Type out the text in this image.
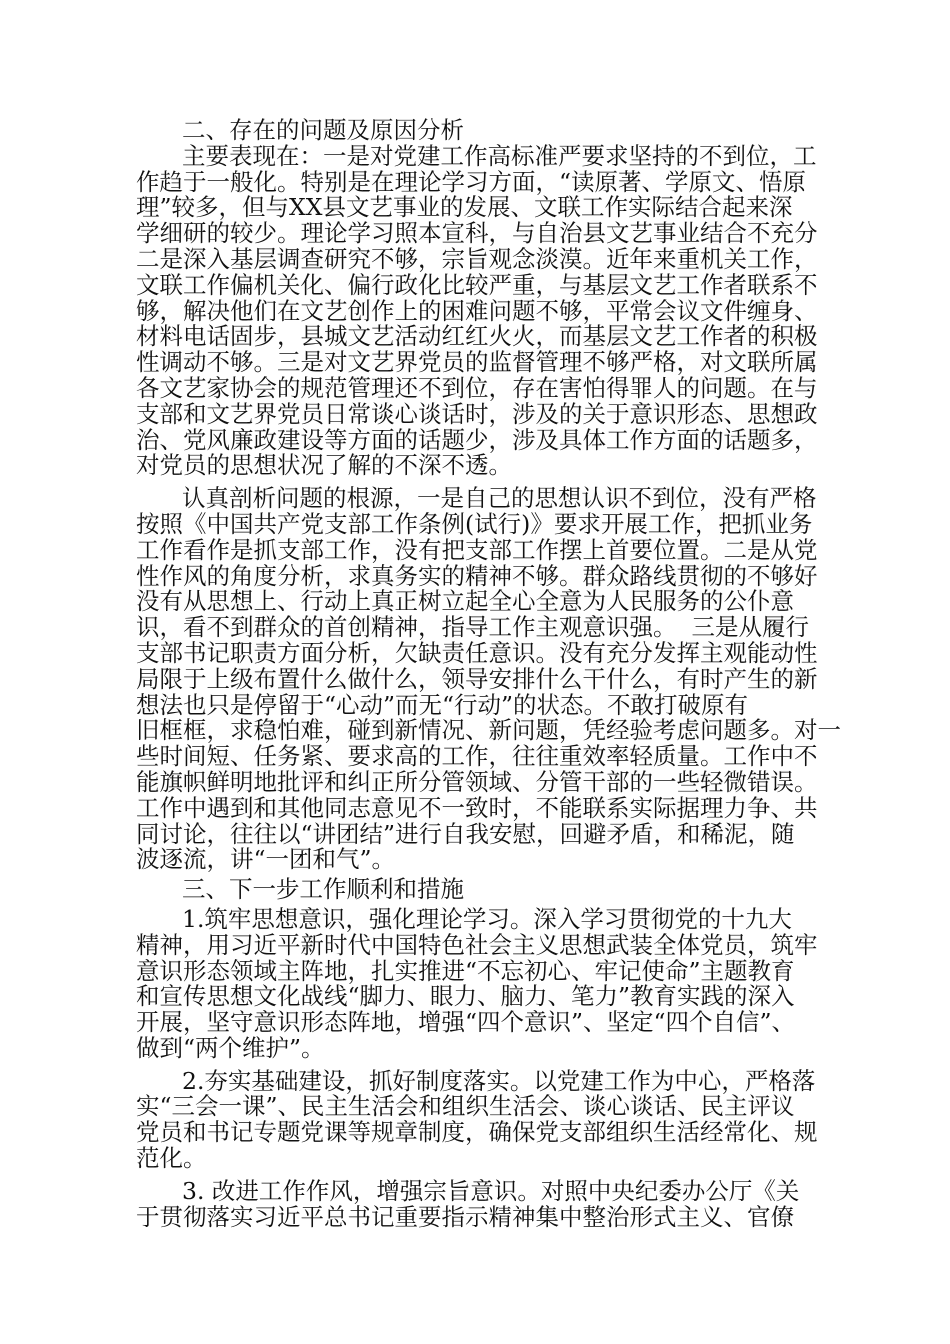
二、存在的问题及原因分析
主要表现在：一是对党建工作高标准严要求坚持的不到位，工
作趋于一般化。特别是在理论学习方面，“读原著、学原文、悟原
理”较多，但与XX县文艺事业的发展、文联工作实际结合起来深
学细研的较少。理论学习照本宣科，与自治县文艺事业结合不充分
二是深入基层调查研究不够，宗旨观念淡漠。近年来重机关工作，
文联工作偏机关化、偏行政化比较严重，与基层文艺工作者联系不
够，解决他们在文艺创作上的困难问题不够，平常会议文件缠身、
材料电话固步，县城文艺活动红红火火，而基层文艺工作者的积极
性调动不够。三是对文艺界党员的监督管理不够严格，对文联所属
各文艺家协会的规范管理还不到位，存在害怕得罪人的问题。在与
支部和文艺界党员日常谈心谈话时，涉及的关于意识形态、思想政
治、党风廉政建设等方面的话题少，涉及具体工作方面的话题多，
对党员的思想状况了解的不深不透。
认真剖析问题的根源，一是自己的思想认识不到位，没有严格
按照《中国共产党支部工作条例(试行)》要求开展工作，把抓业务
工作看作是抓支部工作，没有把支部工作摆上首要位置。二是从党
性作风的角度分析，求真务实的精神不够。群众路线贯彻的不够好
没有从思想上、行动上真正树立起全心全意为人民服务的公仆意
识，看不到群众的首创精神，指导工作主观意识强。  三是从履行
支部书记职责方面分析，欠缺责任意识。没有充分发挥主观能动性
局限于上级布置什么做什么，领导安排什么干什么，有时产生的新
想法也只是停留于“心动”而无“行动”的状态。不敢打破原有
旧框框，求稳怕难，碰到新情况、新问题，凭经验考虑问题多。对一
些时间短、任务紧、要求高的工作，往往重效率轻质量。工作中不
能旗帜鲜明地批评和纠正所分管领域、分管干部的一些轻微错误。
工作中遇到和其他同志意见不一致时，不能联系实际据理力争、共
同讨论，往往以“讲团结”进行自我安慰，回避矛盾，和稀泥，随
波逐流，讲“一团和气”。
三、下一步工作顺利和措施
1.筑牢思想意识，强化理论学习。深入学习贯彻党的十九大
精神，用习近平新时代中国特色社会主义思想武装全体党员，筑牢
意识形态领域主阵地，扎实推进“不忘初心、牢记使命”主题教育
和宣传思想文化战线“脚力、眼力、脑力、笔力”教育实践的深入
开展，坚守意识形态阵地，增强“四个意识”、坚定“四个自信”、
做到“两个维护”。
2.夯实基础建设，抓好制度落实。以党建工作为中心，严格落
实“三会一课”、民主生活会和组织生活会、谈心谈话、民主评议
党员和书记专题党课等规章制度，确保党支部组织生活经常化、规
范化。
3. 改进工作作风，增强宗旨意识。对照中央纪委办公厅《关
于贯彻落实习近平总书记重要指示精神集中整治形式主义、官僚
